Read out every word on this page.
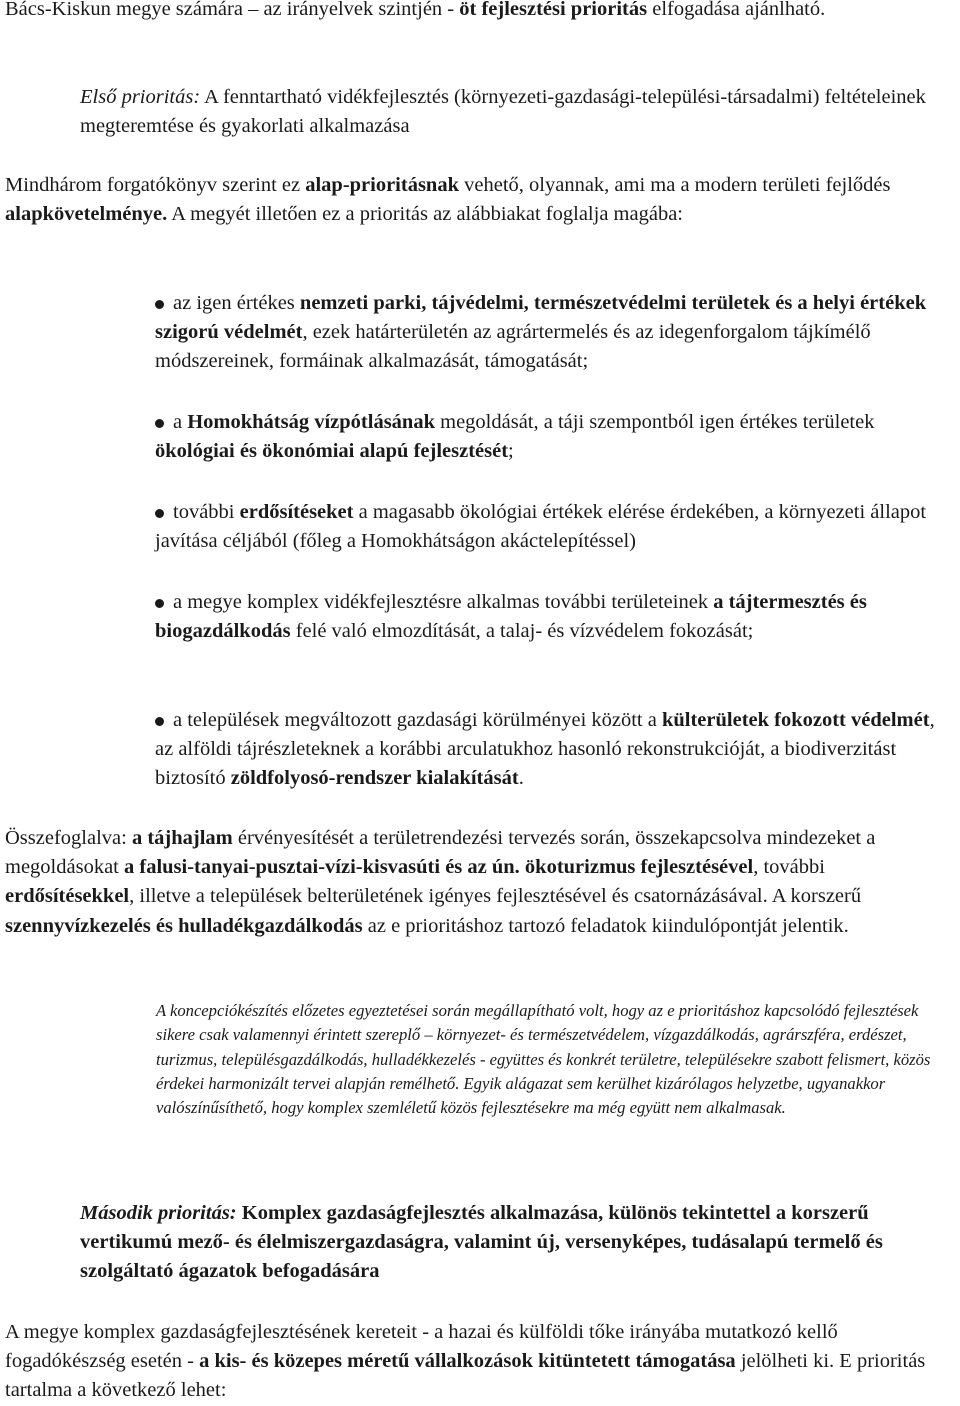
Bács-Kiskun megye számára – az irányelvek szintjén - öt fejlesztési prioritás elfogadása ajánlható.

Első prioritás: A fenntartható vidékfejlesztés (környezeti-gazdasági-települési-társadalmi) feltételeinek megteremtése és gyakorlati alkalmazása

Mindhárom forgatókönyv szerint ez alap-prioritásnak vehető, olyannak, ami ma a modern területi fejlődés alapkövetelménye. A megyét illetően ez a prioritás az alábbiakat foglalja magába:

az igen értékes nemzeti parki, tájvédelmi, természetvédelmi területek és a helyi értékek szigorú védelmét, ezek határterületén az agrártermelés és az idegenforgalom tájkímélő módszereinek, formáinak alkalmazását, támogatását;

a Homokhátság vízpótlásának megoldását, a táji szempontból igen értékes területek ökológiai és ökonómiai alapú fejlesztését;

további erdősítéseket a magasabb ökológiai értékek elérése érdekében, a környezeti állapot javítása céljából (főleg a Homokhátságon akáctelepítéssel)

a megye komplex vidékfejlesztésre alkalmas további területeinek a tájtermesztés és biogazdálkodás felé való elmozdítását, a talaj- és vízvédelem fokozását;

a települések megváltozott gazdasági körülményei között a külterületek fokozott védelmét, az alföldi tájrészleteknek a korábbi arculatukhoz hasonló rekonstrukcióját, a biodiverzitást biztosító zöldfolyosó-rendszer kialakítását.

Összefoglalva: a tájhajlam érvényesítését a területrendezési tervezés során, összekapcsolva mindezeket a megoldásokat a falusi-tanyai-pusztai-vízi-kisvasúti és az ún. ökoturizmus fejlesztésével, további erdősítésekkel, illetve a települések belterületének igényes fejlesztésével és csatornázásával. A korszerű szennyvízkezelés és hulladékgazdálkodás az e prioritáshoz tartozó feladatok kiindulópontját jelentik.

A koncepciókészítés előzetes egyeztetései során megállapítható volt, hogy az e prioritáshoz kapcsolódó fejlesztések sikere csak valamennyi érintett szereplő – környezet- és természetvédelem, vízgazdálkodás, agrárszféra, erdészet, turizmus, településgazdálkodás, hulladékkezelés - együttes és konkrét területre, településekre szabott felismert, közös érdekei harmonizált tervei alapján remélhető. Egyik alágazat sem kerülhet kizárólagos helyzetbe, ugyanakkor valószínűsíthető, hogy komplex szemléletű közös fejlesztésekre ma még együtt nem alkalmasak.

Második prioritás: Komplex gazdaságfejlesztés alkalmazása, különös tekintettel a korszerű vertikumú mező- és élelmiszergazdaságra, valamint új, versenyképes, tudásalapú termelő és szolgáltató ágazatok befogadására

A megye komplex gazdaságfejlesztésének kereteit - a hazai és külföldi tőke irányába mutatkozó kellő fogadókészség esetén - a kis- és közepes méretű vállalkozások kitüntetett támogatása jelölheti ki. E prioritás tartalma a következő lehet:
